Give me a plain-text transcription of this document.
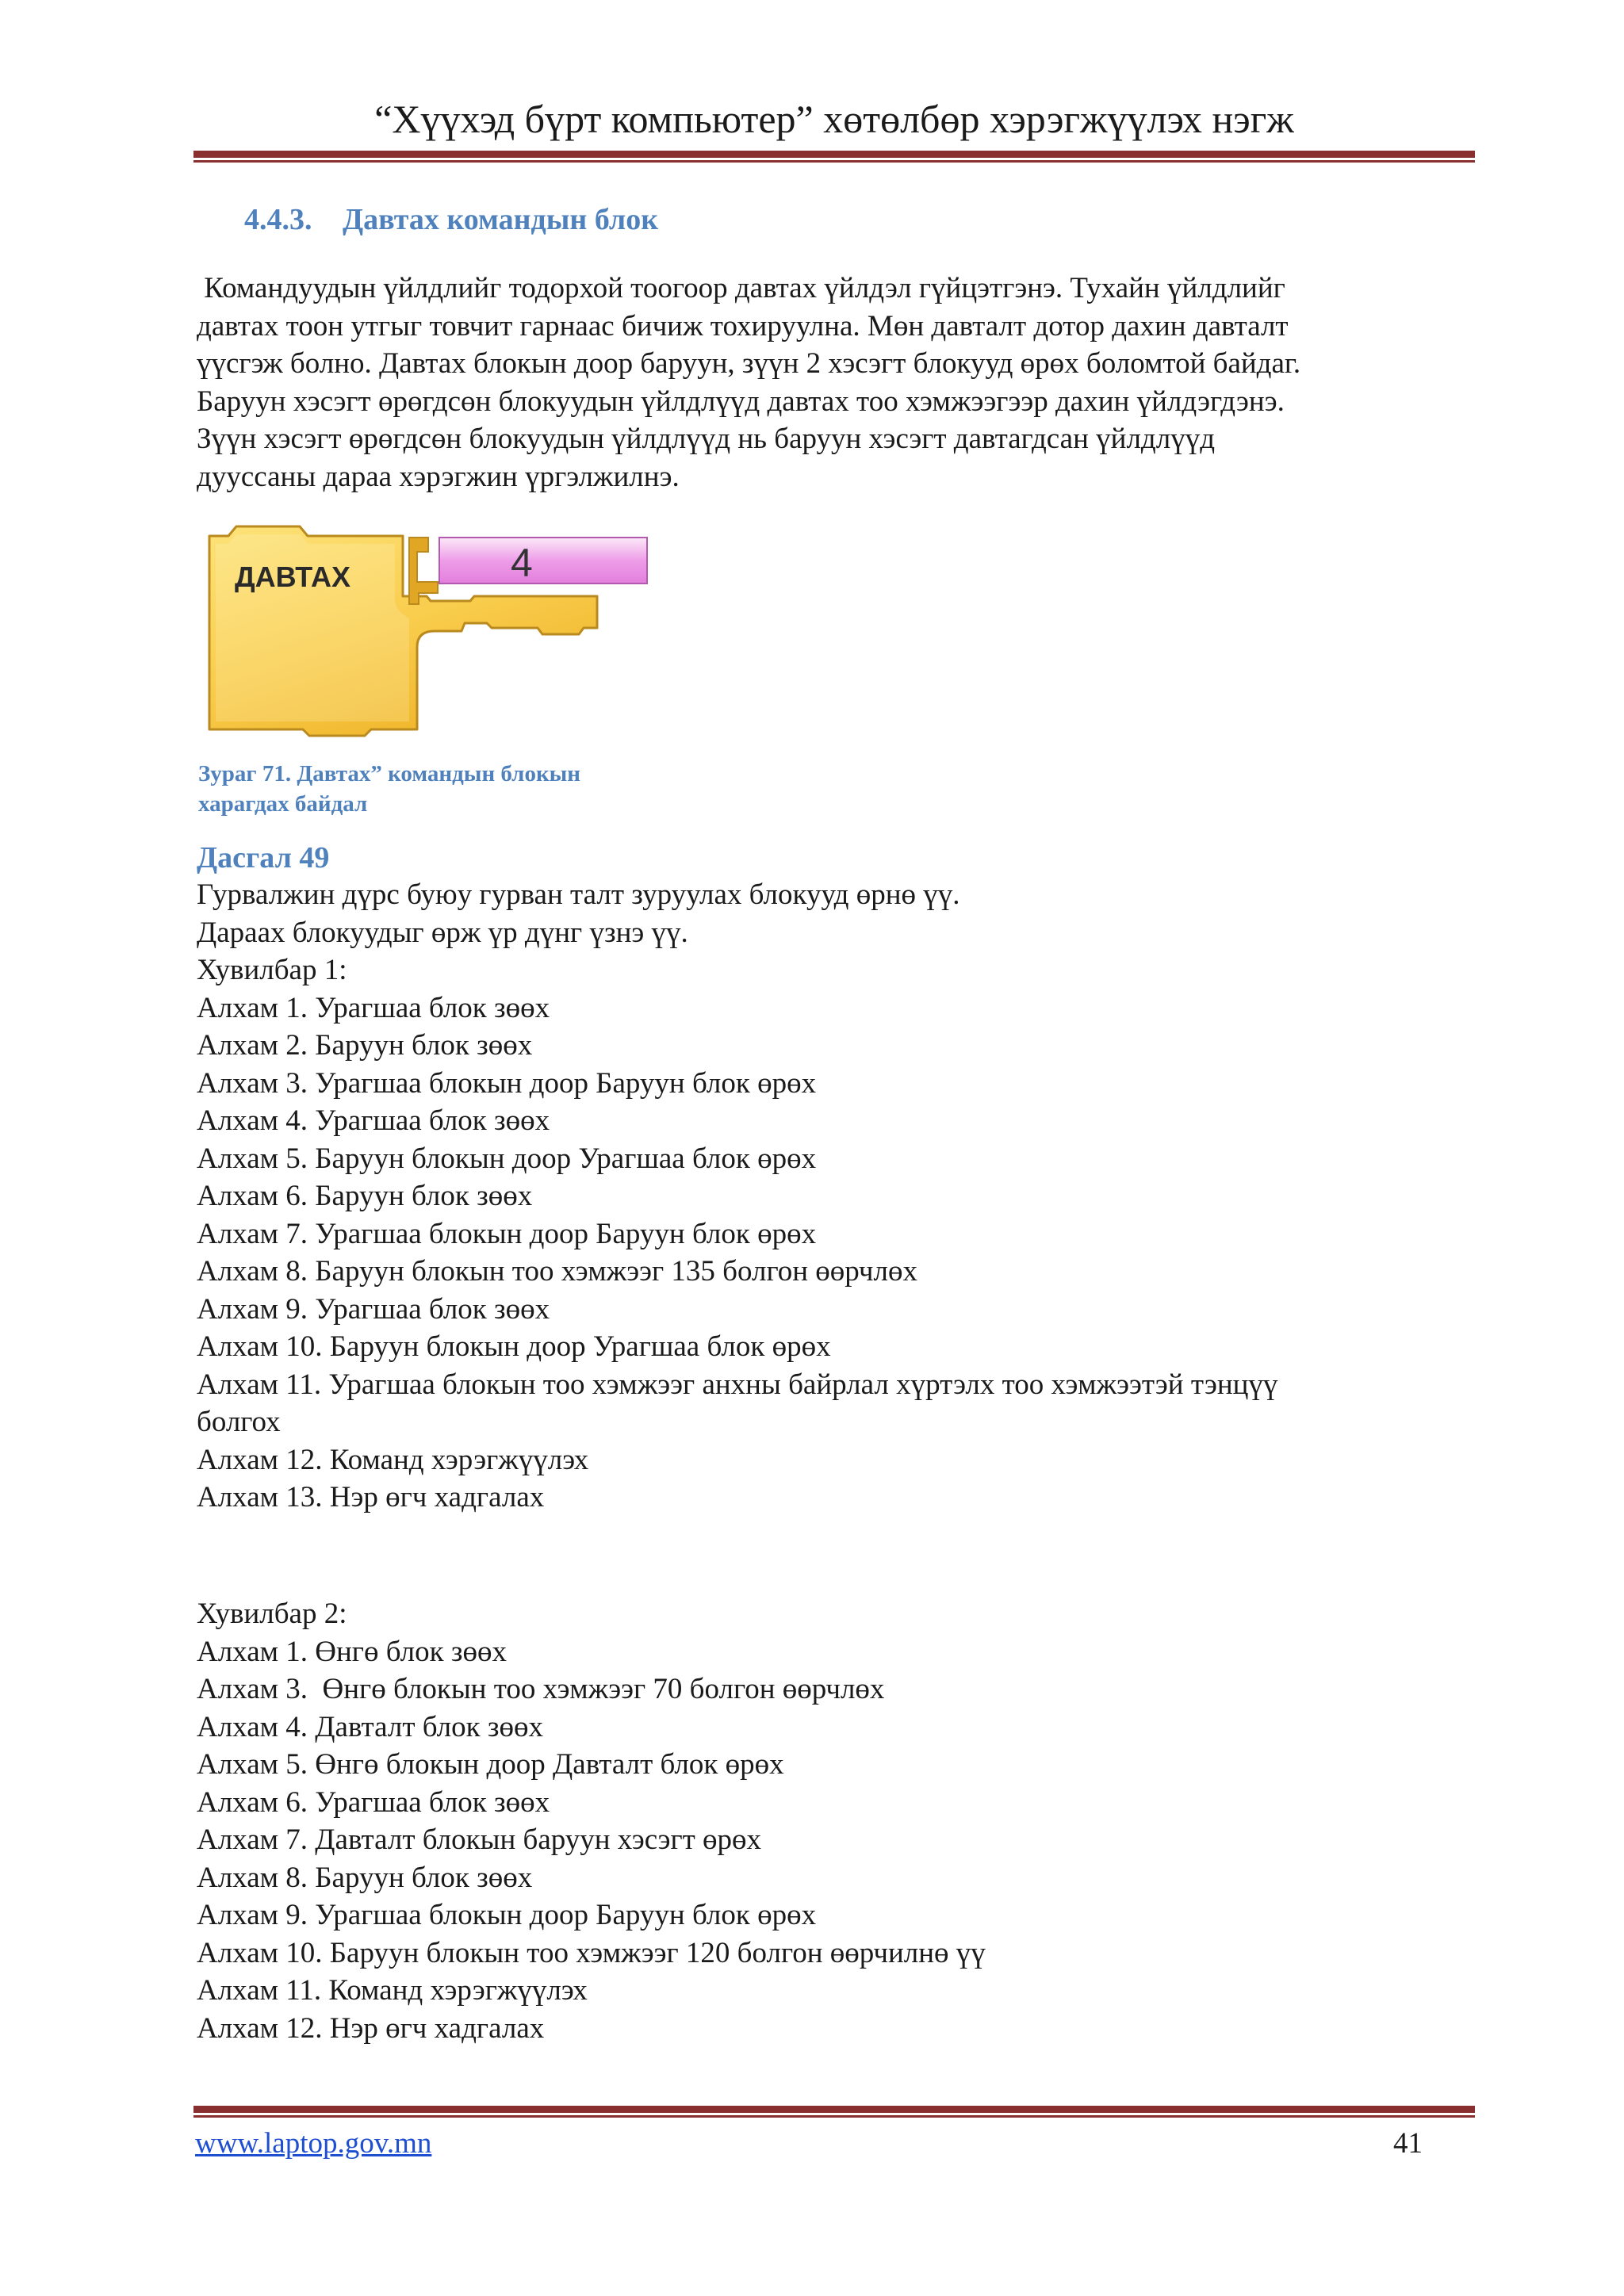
“Хүүхэд бүрт компьютер” хөтөлбөр хэрэгжүүлэх нэгж
4.4.3. Давтах командын блок
Командуудын үйлдлийг тодорхой тоогоор давтах үйлдэл гүйцэтгэнэ. Тухайн үйлдлийг
давтах тоон утгыг товчит гарнаас бичиж тохируулна. Мөн давталт дотор дахин давталт
үүсгэж болно. Давтах блокын доор баруун, зүүн 2 хэсэгт блокууд өрөх боломтой байдаг.
Баруун хэсэгт өрөгдсөн блокуудын үйлдлүүд давтах тоо хэмжээгээр дахин үйлдэгдэнэ.
Зүүн хэсэгт өрөгдсөн блокуудын үйлдлүүд нь баруун хэсэгт давтагдсан үйлдлүүд
дууссаны дараа хэрэгжин үргэлжилнэ.
ДАВТАХ	4
Зураг 71. Давтах” командын блокын
харагдах байдал
Дасгал 49
Гурвалжин дүрс буюу гурван талт зуруулах блокууд өрнө үү.
Дараах блокуудыг өрж үр дүнг үзнэ үү.
Хувилбар 1:
Алхам 1. Урагшаа блок зөөх
Алхам 2. Баруун блок зөөх
Алхам 3. Урагшаа блокын доор Баруун блок өрөх
Алхам 4. Урагшаа блок зөөх
Алхам 5. Баруун блокын доор Урагшаа блок өрөх
Алхам 6. Баруун блок зөөх
Алхам 7. Урагшаа блокын доор Баруун блок өрөх
Алхам 8. Баруун блокын тоо хэмжээг 135 болгон өөрчлөх
Алхам 9. Урагшаа блок зөөх
Алхам 10. Баруун блокын доор Урагшаа блок өрөх
Алхам 11. Урагшаа блокын тоо хэмжээг анхны байрлал хүртэлх тоо хэмжээтэй тэнцүү
болгох
Алхам 12. Команд хэрэгжүүлэх
Алхам 13. Нэр өгч хадгалах
Хувилбар 2:
Алхам 1. Өнгө блок зөөх
Алхам 3.  Өнгө блокын тоо хэмжээг 70 болгон өөрчлөх
Алхам 4. Давталт блок зөөх
Алхам 5. Өнгө блокын доор Давталт блок өрөх
Алхам 6. Урагшаа блок зөөх
Алхам 7. Давталт блокын баруун хэсэгт өрөх
Алхам 8. Баруун блок зөөх
Алхам 9. Урагшаа блокын доор Баруун блок өрөх
Алхам 10. Баруун блокын тоо хэмжээг 120 болгон өөрчилнө үү
Алхам 11. Команд хэрэгжүүлэх
Алхам 12. Нэр өгч хадгалах
www.laptop.gov.mn	41
